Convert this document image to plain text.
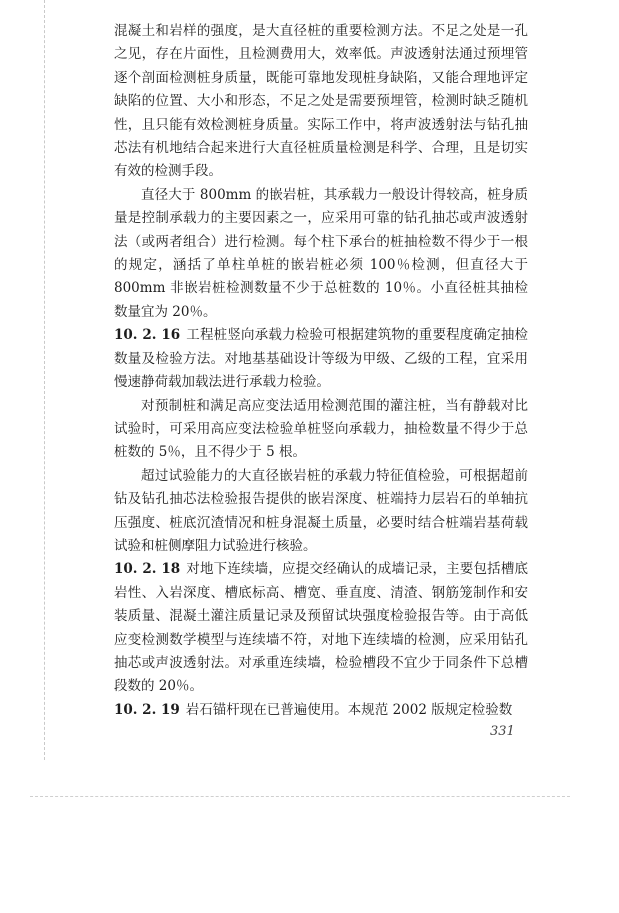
混凝土和岩样的强度，是大直径桩的重要检测方法。不足之处是一孔之见，存在片面性，且检测费用大，效率低。声波透射法通过预埋管逐个剖面检测桩身质量，既能可靠地发现桩身缺陷，又能合理地评定缺陷的位置、大小和形态，不足之处是需要预埋管，检测时缺乏随机性，且只能有效检测桩身质量。实际工作中，将声波透射法与钻孔抽芯法有机地结合起来进行大直径桩质量检测是科学、合理，且是切实有效的检测手段。

直径大于 800mm 的嵌岩桩，其承载力一般设计得较高，桩身质量是控制承载力的主要因素之一，应采用可靠的钻孔抽芯或声波透射法（或两者组合）进行检测。每个柱下承台的桩抽检数不得少于一根的规定，涵括了单柱单桩的嵌岩桩必须 100％检测，但直径大于 800mm 非嵌岩桩检测数量不少于总桩数的 10％。小直径桩其抽检数量宜为 20％。

10. 2. 16 工程桩竖向承载力检验可根据建筑物的重要程度确定抽检数量及检验方法。对地基基础设计等级为甲级、乙级的工程，宜采用慢速静荷载加载法进行承载力检验。

对预制桩和满足高应变法适用检测范围的灌注桩，当有静载对比试验时，可采用高应变法检验单桩竖向承载力，抽检数量不得少于总桩数的 5％，且不得少于 5 根。

超过试验能力的大直径嵌岩桩的承载力特征值检验，可根据超前钻及钻孔抽芯法检验报告提供的嵌岩深度、桩端持力层岩石的单轴抗压强度、桩底沉渣情况和桩身混凝土质量，必要时结合桩端岩基荷载试验和桩侧摩阻力试验进行核验。

10. 2. 18 对地下连续墙，应提交经确认的成墙记录，主要包括槽底岩性、入岩深度、槽底标高、槽宽、垂直度、清渣、钢筋笼制作和安装质量、混凝土灌注质量记录及预留试块强度检验报告等。由于高低应变检测数学模型与连续墙不符，对地下连续墙的检测，应采用钻孔抽芯或声波透射法。对承重连续墙，检验槽段不宜少于同条件下总槽段数的 20％。

10. 2. 19 岩石锚杆现在已普遍使用。本规范 2002 版规定检验数

331
